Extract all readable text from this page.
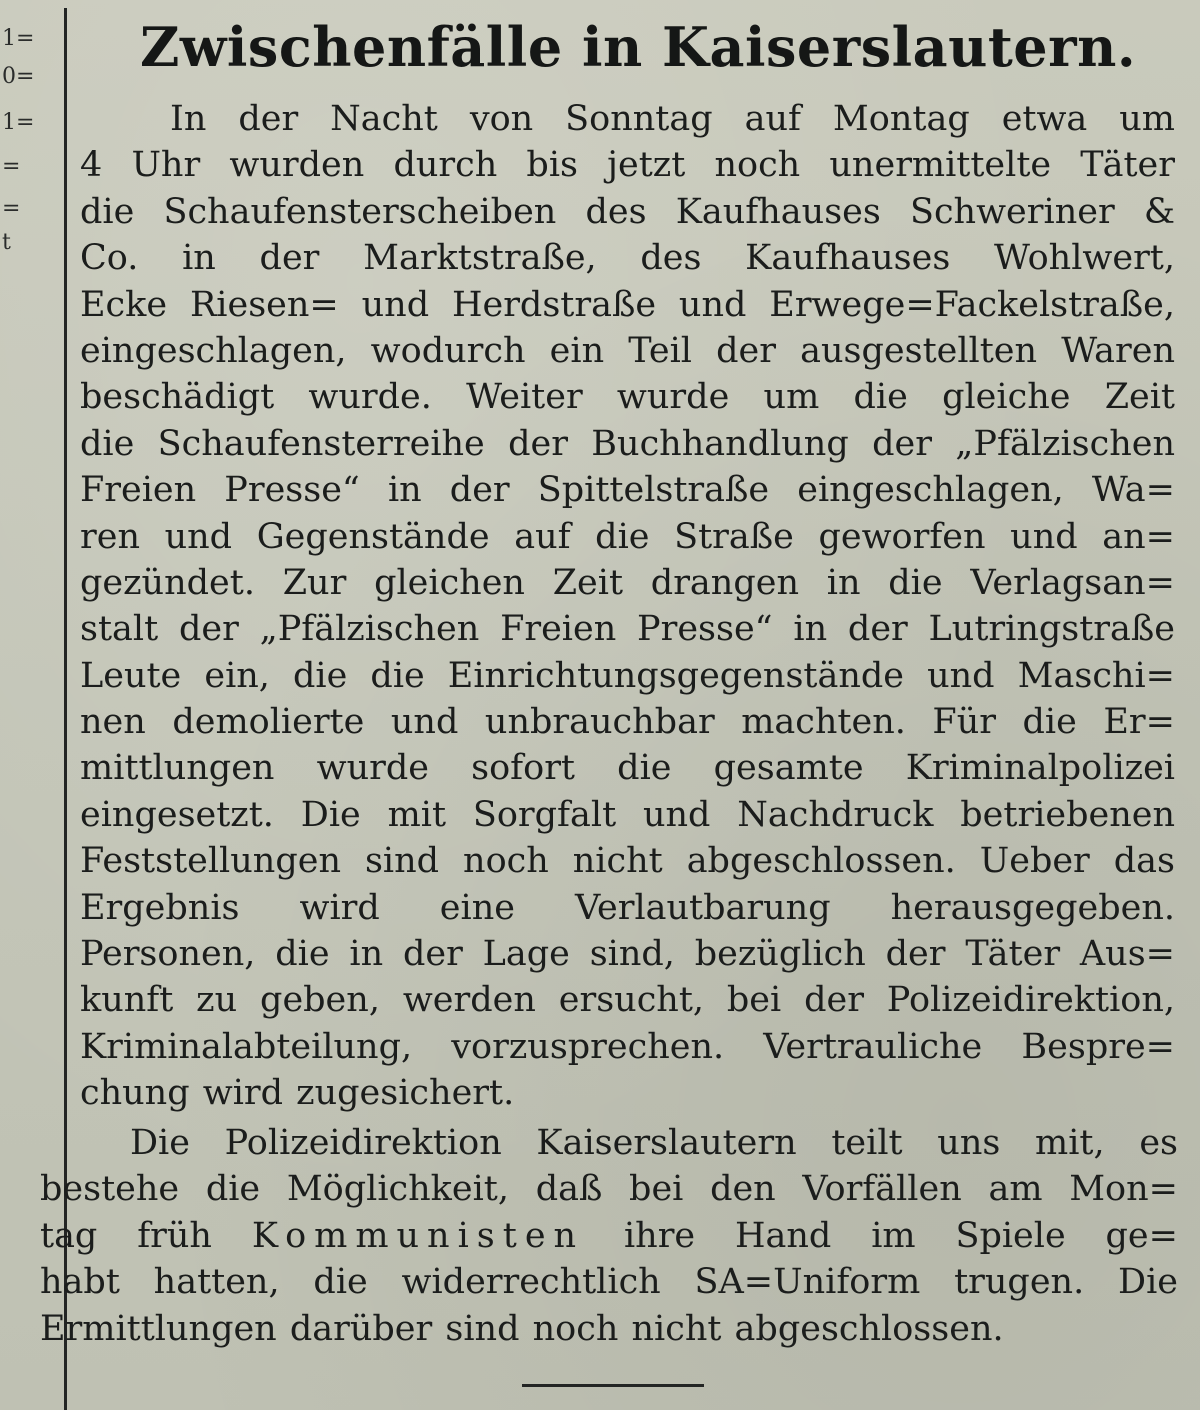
1=
0=
1=
=
=
t
Zwischenfälle in Kaiserslautern.
In der Nacht von Sonntag auf Montag etwa um
4 Uhr wurden durch bis jetzt noch unermittelte Täter
die Schaufensterscheiben des Kaufhauses Schweriner &
Co. in der Marktstraße, des Kaufhauses Wohlwert,
Ecke Riesen= und Herdstraße und Erwege=Fackelstraße,
eingeschlagen, wodurch ein Teil der ausgestellten Waren
beschädigt wurde. Weiter wurde um die gleiche Zeit
die Schaufensterreihe der Buchhandlung der „Pfälzischen
Freien Presse“ in der Spittelstraße eingeschlagen, Wa=
ren und Gegenstände auf die Straße geworfen und an=
gezündet. Zur gleichen Zeit drangen in die Verlagsan=
stalt der „Pfälzischen Freien Presse“ in der Lutringstraße
Leute ein, die die Einrichtungsgegenstände und Maschi=
nen demolierte und unbrauchbar machten. Für die Er=
mittlungen wurde sofort die gesamte Kriminalpolizei
eingesetzt. Die mit Sorgfalt und Nachdruck betriebenen
Feststellungen sind noch nicht abgeschlossen. Ueber das
Ergebnis wird eine Verlautbarung herausgegeben.
Personen, die in der Lage sind, bezüglich der Täter Aus=
kunft zu geben, werden ersucht, bei der Polizeidirektion,
Kriminalabteilung, vorzusprechen. Vertrauliche Bespre=
chung wird zugesichert.
Die Polizeidirektion Kaiserslautern teilt uns mit, es
bestehe die Möglichkeit, daß bei den Vorfällen am Mon=
tag früh Kommunisten ihre Hand im Spiele ge=
habt hatten, die widerrechtlich SA=Uniform trugen. Die
Ermittlungen darüber sind noch nicht abgeschlossen.
